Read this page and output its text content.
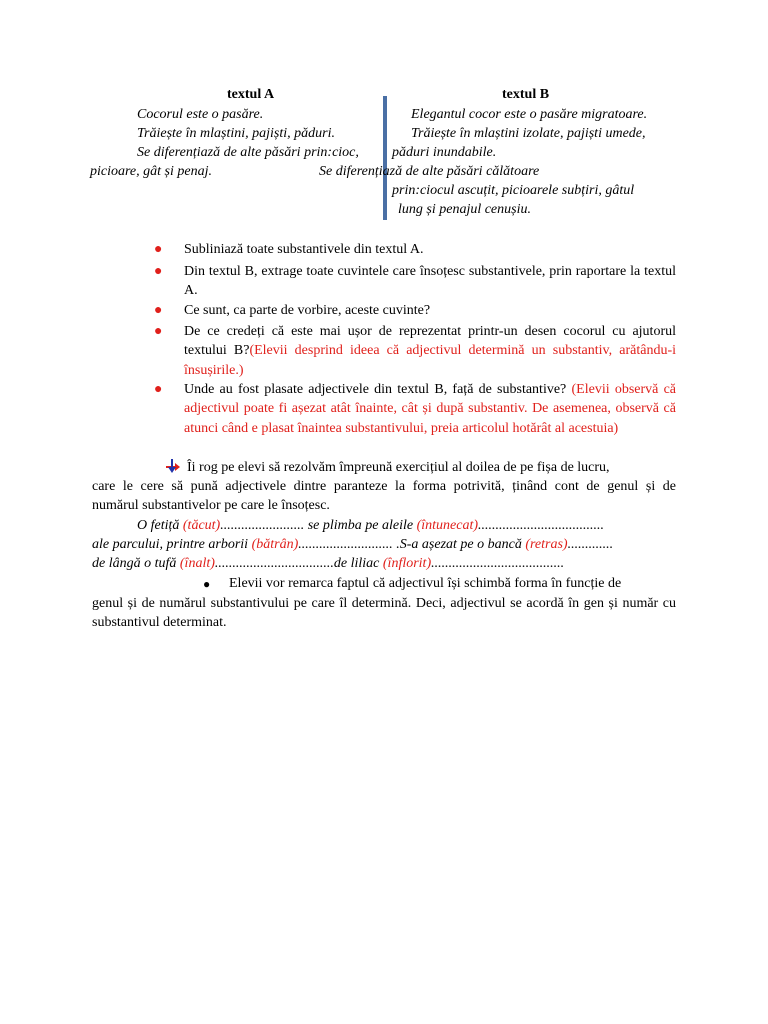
textul A	textul B
Cocorul este o pasăre.
Trăiește în mlaștini, pajiști, păduri.
Se diferențiază de alte păsări prin:cioc,
picioare, gât și penaj.
Elegantul cocor este o pasăre migratoare.
Trăiește în mlaștini izolate, pajiști umede,
păduri inundabile.
Se diferențiază de alte păsări călătoare
prin:ciocul ascuțit, picioarele subțiri, gâtul
lung și penajul cenușiu.
● Subliniază toate substantivele din textul A.
● Din textul B, extrage toate cuvintele care însoțesc substantivele, prin raportare la textul A.
● Ce sunt, ca parte de vorbire, aceste cuvinte?
● De ce credeți că este mai ușor de reprezentat printr-un desen cocorul cu ajutorul textului B?(Elevii desprind ideea că adjectivul determină un substantiv, arătându-i însușirile.)
● Unde au fost plasate adjectivele din textul B, față de substantive? (Elevii observă că adjectivul poate fi așezat atât înainte, cât și după substantiv. De asemenea, observă că atunci când e plasat înaintea substantivului, preia articolul hotărât al acestuia)
Îi rog pe elevi să rezolvăm împreună exercițiul al doilea de pe fișa de lucru,
care le cere să pună adjectivele dintre paranteze la forma potrivită, ținând cont de genul și de
numărul substantivelor pe care le însoțesc.
O fetiță (tăcut)........................ se plimba pe aleile (întunecat)....................................
ale parcului, printre arborii (bătrân)........................... .S-a așezat pe o bancă (retras).............
de lângă o tufă (înalt)..................................de liliac (înflorit)......................................
● Elevii vor remarca faptul că adjectivul își schimbă forma în funcție de
genul și de numărul substantivului pe care îl determină. Deci, adjectivul se acordă în gen și număr cu substantivul determinat.
